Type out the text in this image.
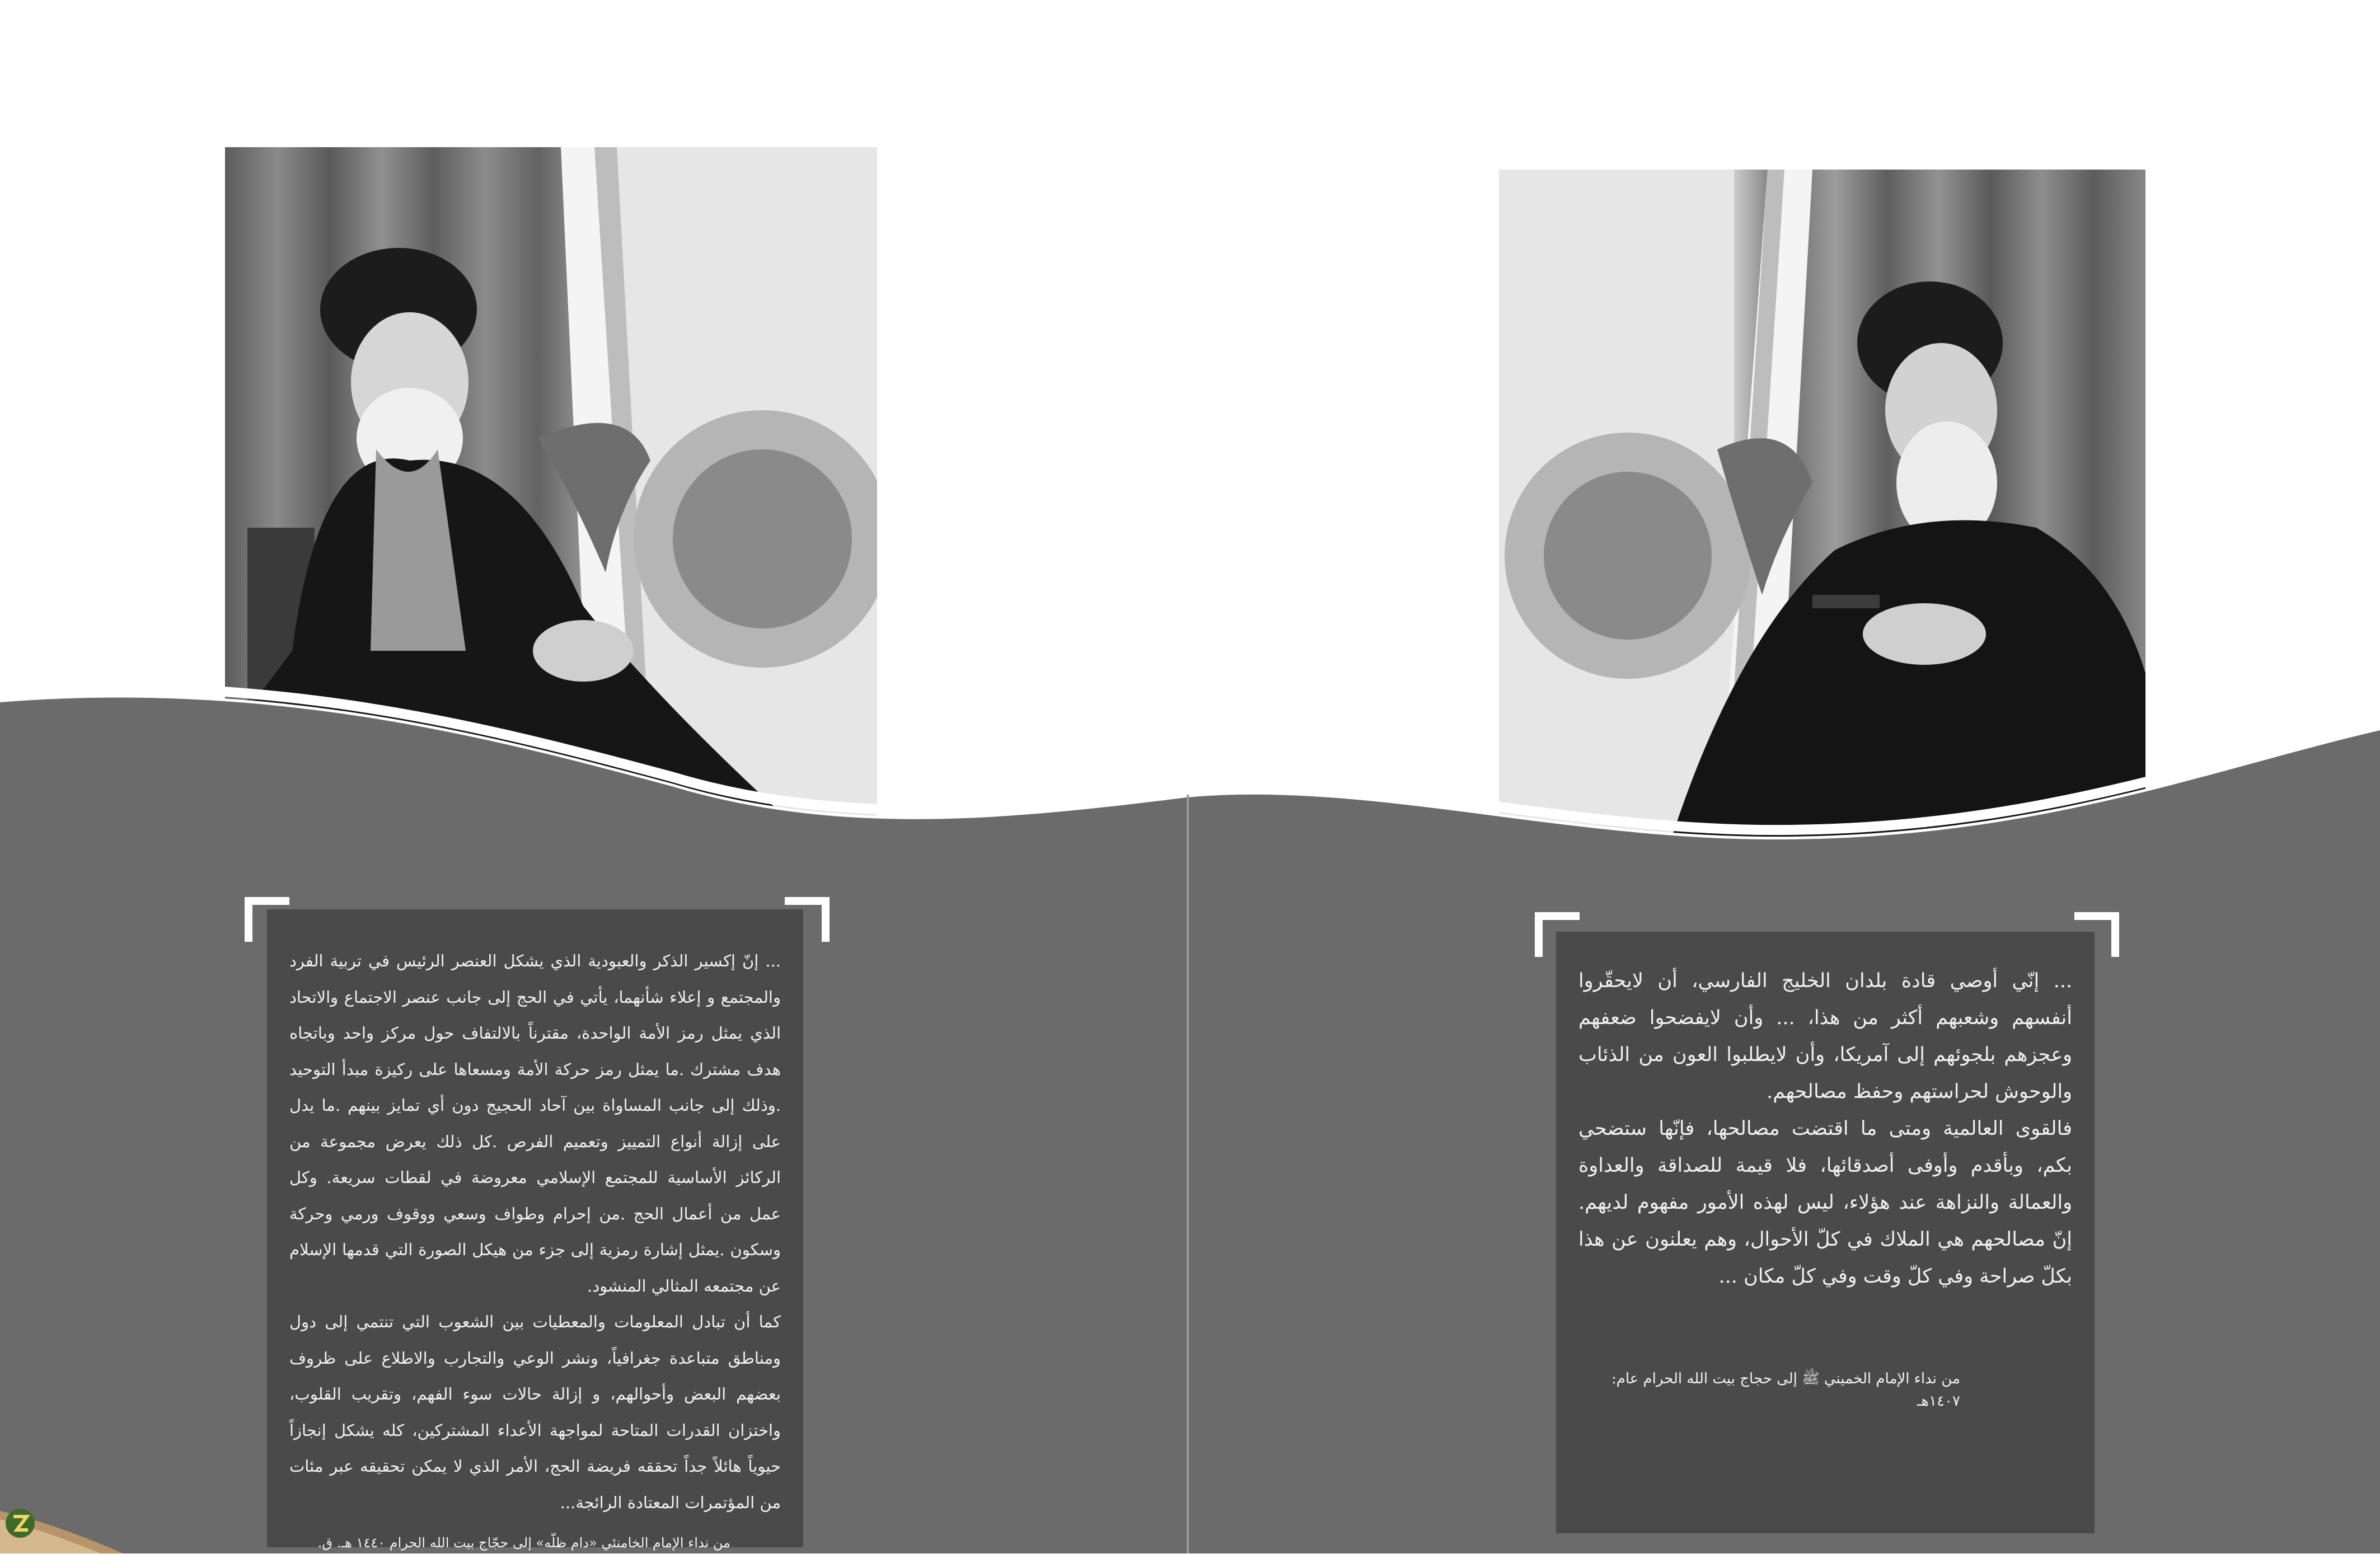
... إنّ إكسير الذكر والعبودية الذي يشكل العنصر الرئيس في تربية الفرد والمجتمع و إعلاء شأنهما، يأتي في الحج إلى جانب عنصر الاجتماع والاتحاد الذي يمثل رمز الأمة الواحدة، مقترناً بالالتفاف حول مركز واحد وباتجاه هدف مشترك .ما يمثل رمز حركة الأمة ومسعاها على ركيزة مبدأ التوحيد .وذلك إلى جانب المساواة بين آحاد الحجيج دون أي تمايز بينهم .ما يدل على إزالة أنواع التمييز وتعميم الفرص .كل ذلك يعرض مجموعة من الركائز الأساسية للمجتمع الإسلامي معروضة في لقطات سريعة. وكل عمل من أعمال الحج .من إحرام وطواف وسعي ووقوف ورمي وحركة وسكون .يمثل إشارة رمزية إلى جزء من هيكل الصورة التي قدمها الإسلام عن مجتمعه المثالي المنشود.

كما أن تبادل المعلومات والمعطيات بين الشعوب التي تنتمي إلى دول ومناطق متباعدة جغرافياً، ونشر الوعي والتجارب والاطلاع على ظروف بعضهم البعض وأحوالهم، و إزالة حالات سوء الفهم، وتقريب القلوب، واختزان القدرات المتاحة لمواجهة الأعداء المشتركين، كله يشكل إنجازاً حيوياً هائلاً جداً تحققه فريضة الحج، الأمر الذي لا يمكن تحقيقه عبر مئات من المؤتمرات المعتادة الرائجة...

من نداء الإمام الخامنئي «دام ظلّه» إلى حجّاج بيت الله الحرام ١٤٤٠ هـ. ق.

... إنّي أوصي قادة بلدان الخليج الفارسي، أن لايحقّروا أنفسهم وشعبهم أكثر من هذا، ... وأن لايفضحوا ضعفهم وعجزهم بلجوئهم إلى آمريكا، وأن لايطلبوا العون من الذئاب والوحوش لحراستهم وحفظ مصالحهم.

فالقوى العالمية ومتى ما اقتضت مصالحها، فإنّها ستضحي بكم، وبأقدم وأوفى أصدقائها، فلا قيمة للصداقة والعداوة والعمالة والنزاهة عند هؤلاء، ليس لهذه الأمور مفهوم لديهم. إنّ مصالحهم هي الملاك في كلّ الأحوال، وهم يعلنون عن هذا بكلّ صراحة وفي كلّ وقت وفي كلّ مكان ...

من نداء الإمام الخميني ﷺ إلى حجاج بيت الله الحرام عام: ١٤٠٧هـ
